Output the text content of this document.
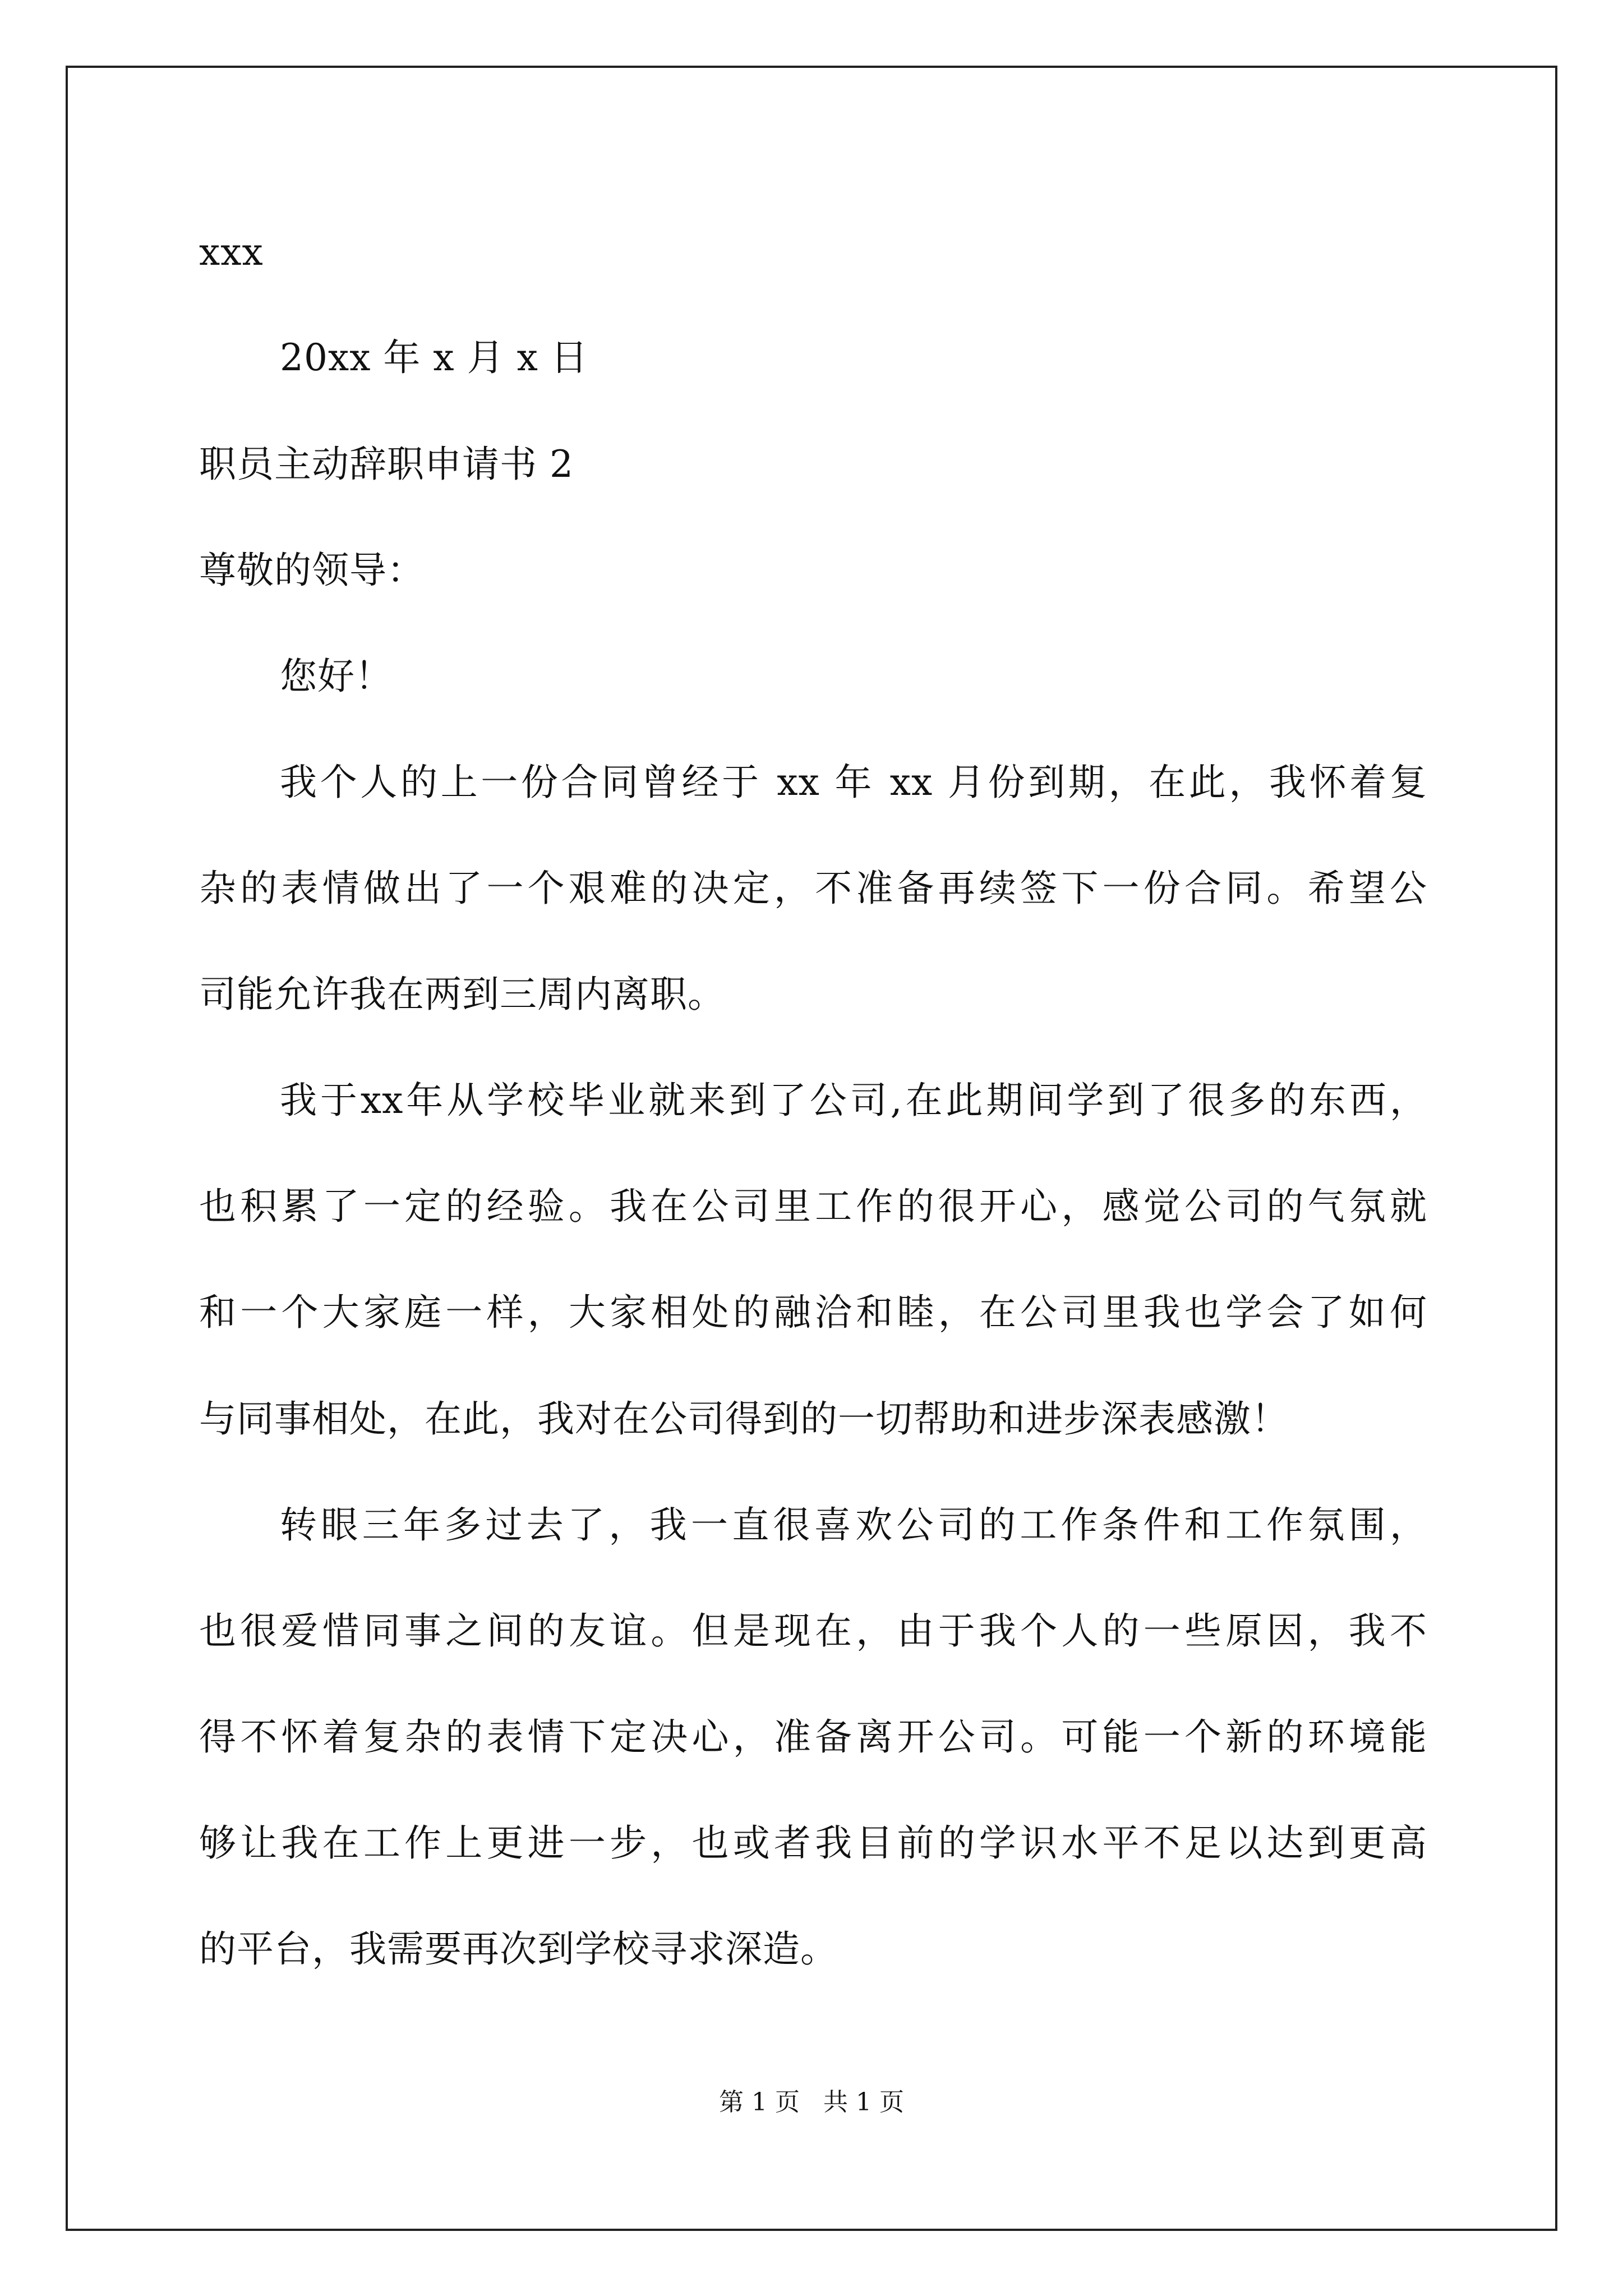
xxx
20xx 年 x 月 x 日
职员主动辞职申请书 2
尊敬的领导：
您好！
我个人的上一份合同曾经于 xx 年 xx 月份到期，在此，我怀着复
杂的表情做出了一个艰难的决定，不准备再续签下一份合同。希望公
司能允许我在两到三周内离职。
我于xx年从学校毕业就来到了公司,在此期间学到了很多的东西，
也积累了一定的经验。我在公司里工作的很开心，感觉公司的气氛就
和一个大家庭一样，大家相处的融洽和睦，在公司里我也学会了如何
与同事相处，在此，我对在公司得到的一切帮助和进步深表感激！
转眼三年多过去了，我一直很喜欢公司的工作条件和工作氛围，
也很爱惜同事之间的友谊。但是现在，由于我个人的一些原因，我不
得不怀着复杂的表情下定决心，准备离开公司。可能一个新的环境能
够让我在工作上更进一步，也或者我目前的学识水平不足以达到更高
的平台，我需要再次到学校寻求深造。
第 1 页   共 1 页
